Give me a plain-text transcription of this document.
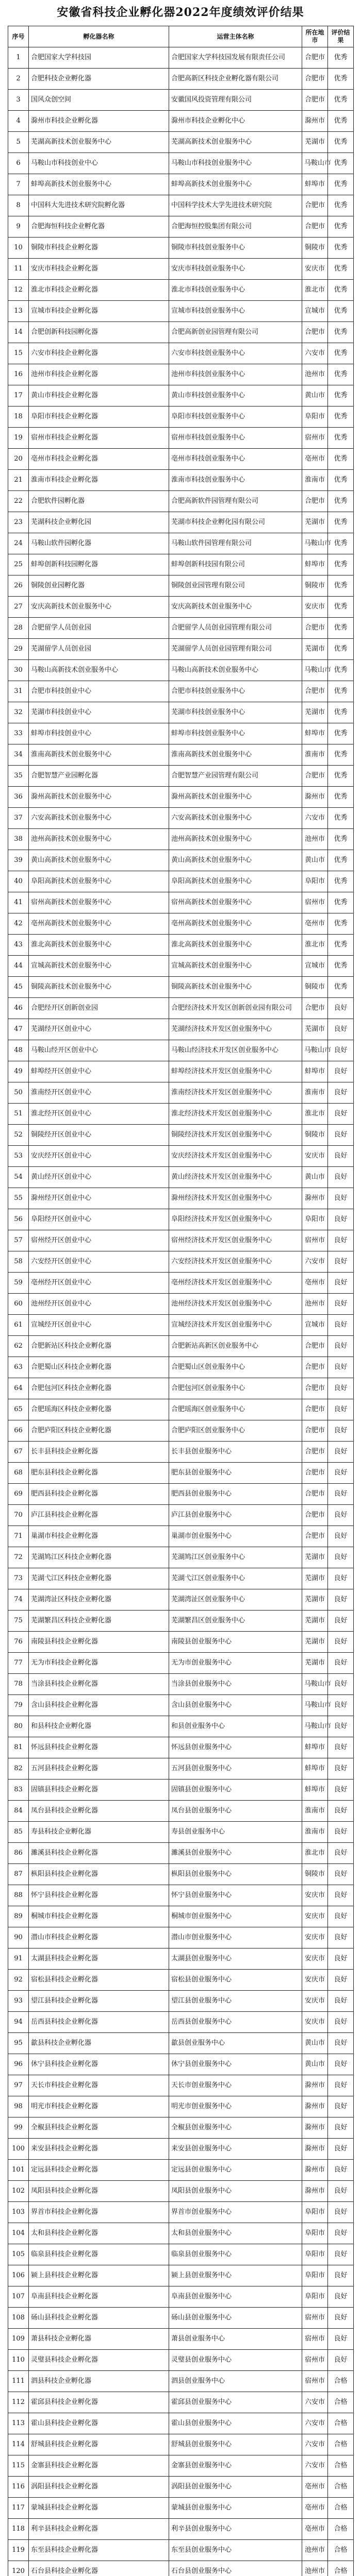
安徽省科技企业孵化器2022年度绩效评价结果
序号	孵化器名称	运营主体名称	所在地市	评价结果
1	合肥国家大学科技园	合肥国家大学科技园发展有限责任公司	合肥市	优秀
2	合肥科技企业孵化器	合肥高新区科技企业孵化器有限公司	合肥市	优秀
3	国风众创空间	安徽国风投资管理有限公司	合肥市	优秀
4	滁州市科技企业孵化器	滁州市科技企业孵化中心	滁州市	优秀
5	芜湖高新技术创业服务中心	芜湖高新技术创业服务中心	芜湖市	优秀
6	马鞍山市科技创业中心	马鞍山市科技创业服务中心	马鞍山市	优秀
7	蚌埠高新技术创业服务中心	蚌埠高新技术创业服务中心	蚌埠市	优秀
8	中国科大先进技术研究院孵化器	中国科学技术大学先进技术研究院	合肥市	优秀
9	合肥海恒科技企业孵化器	合肥海恒控股集团有限公司	合肥市	优秀
10	铜陵市科技企业孵化器	铜陵市科技创业服务中心	铜陵市	优秀
11	安庆市科技企业孵化器	安庆市科技创业服务中心	安庆市	优秀
12	淮北市科技企业孵化器	淮北市科技创业服务中心	淮北市	优秀
13	宣城市科技企业孵化器	宣城市科技创业服务中心	宣城市	优秀
14	合肥创新科技园孵化器	合肥高新创业园管理有限公司	合肥市	优秀
15	六安市科技企业孵化器	六安市科技创业服务中心	六安市	优秀
16	池州市科技企业孵化器	池州市科技创业服务中心	池州市	优秀
17	黄山市科技企业孵化器	黄山市科技创业服务中心	黄山市	优秀
18	阜阳市科技企业孵化器	阜阳市科技创业服务中心	阜阳市	优秀
19	宿州市科技企业孵化器	宿州市科技创业服务中心	宿州市	优秀
20	亳州市科技企业孵化器	亳州市科技创业服务中心	亳州市	优秀
21	淮南市科技企业孵化器	淮南市科技创业服务中心	淮南市	优秀
22	合肥软件园孵化器	合肥高新软件园管理有限公司	合肥市	优秀
23	芜湖科技企业孵化园	芜湖市科技企业孵化园有限公司	芜湖市	优秀
24	马鞍山软件园孵化器	马鞍山软件园管理有限公司	马鞍山市	优秀
25	蚌埠创新科技园孵化器	蚌埠创新科技园有限公司	蚌埠市	优秀
26	铜陵创业园孵化器	铜陵创业园管理有限公司	铜陵市	优秀
27	安庆高新技术创业服务中心	安庆高新技术创业服务中心	安庆市	优秀
28	合肥留学人员创业园	合肥留学人员创业园管理有限公司	合肥市	优秀
29	芜湖留学人员创业园	芜湖留学人员创业园管理有限公司	芜湖市	优秀
30	马鞍山高新技术创业服务中心	马鞍山高新技术创业服务中心	马鞍山市	优秀
31	合肥市科技创业中心	合肥市科技创业服务中心	合肥市	优秀
32	芜湖市科技创业中心	芜湖市科技创业服务中心	芜湖市	优秀
33	蚌埠市科技创业中心	蚌埠市科技创业服务中心	蚌埠市	优秀
34	淮南高新技术创业服务中心	淮南高新技术创业服务中心	淮南市	优秀
35	合肥智慧产业园孵化器	合肥智慧产业园管理有限公司	合肥市	优秀
36	滁州高新技术创业服务中心	滁州高新技术创业服务中心	滁州市	优秀
37	六安高新技术创业服务中心	六安高新技术创业服务中心	六安市	优秀
38	池州高新技术创业服务中心	池州高新技术创业服务中心	池州市	优秀
39	黄山高新技术创业服务中心	黄山高新技术创业服务中心	黄山市	优秀
40	阜阳高新技术创业服务中心	阜阳高新技术创业服务中心	阜阳市	优秀
41	宿州高新技术创业服务中心	宿州高新技术创业服务中心	宿州市	优秀
42	亳州高新技术创业服务中心	亳州高新技术创业服务中心	亳州市	优秀
43	淮北高新技术创业服务中心	淮北高新技术创业服务中心	淮北市	优秀
44	宣城高新技术创业服务中心	宣城高新技术创业服务中心	宣城市	优秀
45	铜陵高新技术创业服务中心	铜陵高新技术创业服务中心	铜陵市	优秀
46	合肥经开区创新创业园	合肥经济技术开发区创新创业园有限公司	合肥市	良好
47	芜湖经开区创业中心	芜湖经济技术开发区创业服务中心	芜湖市	良好
48	马鞍山经开区创业中心	马鞍山经济技术开发区创业服务中心	马鞍山市	良好
49	蚌埠经开区创业中心	蚌埠经济技术开发区创业服务中心	蚌埠市	良好
50	淮南经开区创业中心	淮南经济技术开发区创业服务中心	淮南市	良好
51	淮北经开区创业中心	淮北经济技术开发区创业服务中心	淮北市	良好
52	铜陵经开区创业中心	铜陵经济技术开发区创业服务中心	铜陵市	良好
53	安庆经开区创业中心	安庆经济技术开发区创业服务中心	安庆市	良好
54	黄山经开区创业中心	黄山经济技术开发区创业服务中心	黄山市	良好
55	滁州经开区创业中心	滁州经济技术开发区创业服务中心	滁州市	良好
56	阜阳经开区创业中心	阜阳经济技术开发区创业服务中心	阜阳市	良好
57	宿州经开区创业中心	宿州经济技术开发区创业服务中心	宿州市	良好
58	六安经开区创业中心	六安经济技术开发区创业服务中心	六安市	良好
59	亳州经开区创业中心	亳州经济技术开发区创业服务中心	亳州市	良好
60	池州经开区创业中心	池州经济技术开发区创业服务中心	池州市	良好
61	宣城经开区创业中心	宣城经济技术开发区创业服务中心	宣城市	良好
62	合肥新站区科技企业孵化器	合肥新站高新区创业服务中心	合肥市	良好
63	合肥蜀山区科技企业孵化器	合肥蜀山区创业服务中心	合肥市	良好
64	合肥包河区科技企业孵化器	合肥包河区创业服务中心	合肥市	良好
65	合肥瑶海区科技企业孵化器	合肥瑶海区创业服务中心	合肥市	良好
66	合肥庐阳区科技企业孵化器	合肥庐阳区创业服务中心	合肥市	良好
67	长丰县科技企业孵化器	长丰县创业服务中心	合肥市	良好
68	肥东县科技企业孵化器	肥东县创业服务中心	合肥市	良好
69	肥西县科技企业孵化器	肥西县创业服务中心	合肥市	良好
70	庐江县科技企业孵化器	庐江县创业服务中心	合肥市	良好
71	巢湖市科技企业孵化器	巢湖市创业服务中心	合肥市	良好
72	芜湖鸠江区科技企业孵化器	芜湖鸠江区创业服务中心	芜湖市	良好
73	芜湖弋江区科技企业孵化器	芜湖弋江区创业服务中心	芜湖市	良好
74	芜湖湾沚区科技企业孵化器	芜湖湾沚区创业服务中心	芜湖市	良好
75	芜湖繁昌区科技企业孵化器	芜湖繁昌区创业服务中心	芜湖市	良好
76	南陵县科技企业孵化器	南陵县创业服务中心	芜湖市	良好
77	无为市科技企业孵化器	无为市创业服务中心	芜湖市	良好
78	当涂县科技企业孵化器	当涂县创业服务中心	马鞍山市	良好
79	含山县科技企业孵化器	含山县创业服务中心	马鞍山市	良好
80	和县科技企业孵化器	和县创业服务中心	马鞍山市	良好
81	怀远县科技企业孵化器	怀远县创业服务中心	蚌埠市	良好
82	五河县科技企业孵化器	五河县创业服务中心	蚌埠市	良好
83	固镇县科技企业孵化器	固镇县创业服务中心	蚌埠市	良好
84	凤台县科技企业孵化器	凤台县创业服务中心	淮南市	良好
85	寿县科技企业孵化器	寿县创业服务中心	淮南市	良好
86	濉溪县科技企业孵化器	濉溪县创业服务中心	淮北市	良好
87	枞阳县科技企业孵化器	枞阳县创业服务中心	铜陵市	良好
88	怀宁县科技企业孵化器	怀宁县创业服务中心	安庆市	良好
89	桐城市科技企业孵化器	桐城市创业服务中心	安庆市	良好
90	潜山市科技企业孵化器	潜山市创业服务中心	安庆市	良好
91	太湖县科技企业孵化器	太湖县创业服务中心	安庆市	良好
92	宿松县科技企业孵化器	宿松县创业服务中心	安庆市	良好
93	望江县科技企业孵化器	望江县创业服务中心	安庆市	良好
94	岳西县科技企业孵化器	岳西县创业服务中心	安庆市	良好
95	歙县科技企业孵化器	歙县创业服务中心	黄山市	良好
96	休宁县科技企业孵化器	休宁县创业服务中心	黄山市	良好
97	天长市科技企业孵化器	天长市创业服务中心	滁州市	良好
98	明光市科技企业孵化器	明光市创业服务中心	滁州市	良好
99	全椒县科技企业孵化器	全椒县创业服务中心	滁州市	良好
100	来安县科技企业孵化器	来安县创业服务中心	滁州市	良好
101	定远县科技企业孵化器	定远县创业服务中心	滁州市	良好
102	凤阳县科技企业孵化器	凤阳县创业服务中心	滁州市	良好
103	界首市科技企业孵化器	界首市创业服务中心	阜阳市	良好
104	太和县科技企业孵化器	太和县创业服务中心	阜阳市	良好
105	临泉县科技企业孵化器	临泉县创业服务中心	阜阳市	良好
106	颍上县科技企业孵化器	颍上县创业服务中心	阜阳市	良好
107	阜南县科技企业孵化器	阜南县创业服务中心	阜阳市	良好
108	砀山县科技企业孵化器	砀山县创业服务中心	宿州市	良好
109	萧县科技企业孵化器	萧县创业服务中心	宿州市	良好
110	灵璧县科技企业孵化器	灵璧县创业服务中心	宿州市	良好
111	泗县科技企业孵化器	泗县创业服务中心	宿州市	合格
112	霍邱县科技企业孵化器	霍邱县创业服务中心	六安市	合格
113	霍山县科技企业孵化器	霍山县创业服务中心	六安市	合格
114	舒城县科技企业孵化器	舒城县创业服务中心	六安市	合格
115	金寨县科技企业孵化器	金寨县创业服务中心	六安市	合格
116	涡阳县科技企业孵化器	涡阳县创业服务中心	亳州市	合格
117	蒙城县科技企业孵化器	蒙城县创业服务中心	亳州市	合格
118	利辛县科技企业孵化器	利辛县创业服务中心	亳州市	合格
119	东至县科技企业孵化器	东至县创业服务中心	池州市	合格
120	石台县科技企业孵化器	石台县创业服务中心	池州市	合格
